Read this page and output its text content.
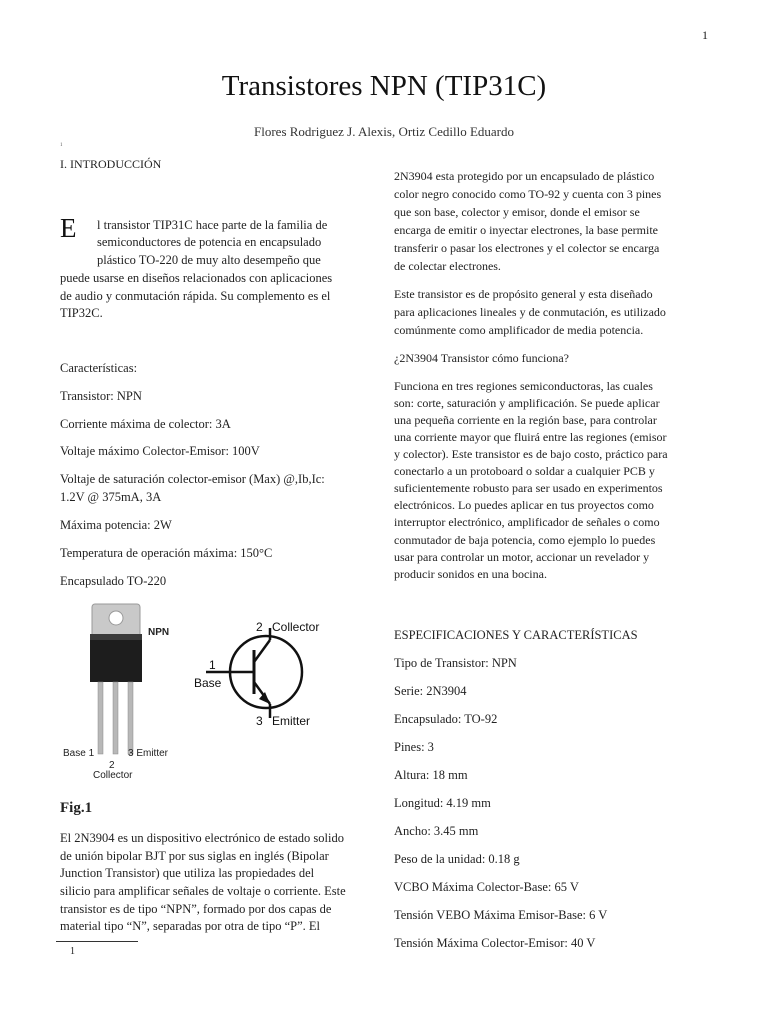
1
Transistores NPN (TIP31C)
Flores Rodriguez J. Alexis, Ortiz Cedillo Eduardo
1
I. INTRODUCCIÓN
E l transistor TIP31C hace parte de la familia de

semiconductores de potencia en encapsulado

plástico TO-220 de muy alto desempeño que

puede usarse en diseños relacionados con aplicaciones

de audio y conmutación rápida. Su complemento es el

TIP32C.

Características:
Transistor: NPN
Corriente máxima de colector: 3A
Voltaje máximo Colector-Emisor: 100V
Voltaje de saturación colector-emisor (Max) @,Ib,Ic:
1.2V @ 375mA, 3A
Máxima potencia: 2W
Temperatura de operación máxima: 150°C
Encapsulado TO-220
NPN	2 Collector
1
Base
3 Emitter
Base 1	3 Emitter
2
Collector
Fig.1

El 2N3904 es un dispositivo electrónico de estado solido

de unión bipolar BJT por sus siglas en inglés (Bipolar

Junction Transistor) que utiliza las propiedades del

silicio para amplificar señales de voltaje o corriente. Este

transistor es de tipo “NPN”, formado por dos capas de

material tipo “N”, separadas por otra de tipo “P”. El

1

2N3904 esta protegido por un encapsulado de plástico

color negro conocido como TO-92 y cuenta con 3 pines

que son base, colector y emisor, donde el emisor se

encarga de emitir o inyectar electrones, la base permite

transferir o pasar los electrones y el colector se encarga

de colectar electrones.

Este transistor es de propósito general y esta diseñado

para aplicaciones lineales y de conmutación, es utilizado

comúnmente como amplificador de media potencia.

¿2N3904 Transistor cómo funciona?

Funciona en tres regiones semiconductoras, las cuales

son: corte, saturación y amplificación. Se puede aplicar

una pequeña corriente en la región base, para controlar

una corriente mayor que fluirá entre las regiones (emisor

y colector). Este transistor es de bajo costo, práctico para

conectarlo a un protoboard o soldar a cualquier PCB y

suficientemente robusto para ser usado en experimentos

electrónicos. Lo puedes aplicar en tus proyectos como

interruptor electrónico, amplificador de señales o como

conmutador de baja potencia, como ejemplo lo puedes

usar para controlar un motor, accionar un revelador y

producir sonidos en una bocina.

ESPECIFICACIONES Y CARACTERÍSTICAS
Tipo de Transistor: NPN
Serie: 2N3904
Encapsulado: TO-92
Pines: 3
Altura: 18 mm
Longitud: 4.19 mm
Ancho: 3.45 mm
Peso de la unidad: 0.18 g
VCBO Máxima Colector-Base: 65 V
Tensión VEBO Máxima Emisor-Base: 6 V
Tensión Máxima Colector-Emisor: 40 V
